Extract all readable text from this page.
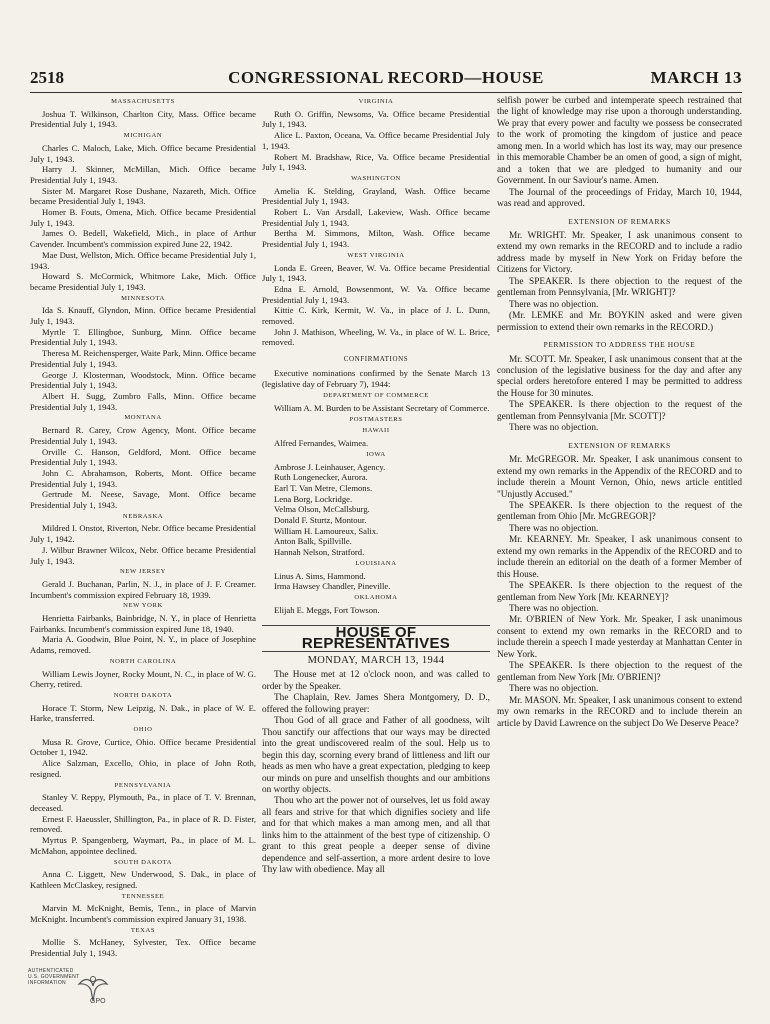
2518	CONGRESSIONAL RECORD—HOUSE	MARCH 13
MASSACHUSETTS

Joshua T. Wilkinson, Charlton City, Mass. Office became Presidential July 1, 1943.

MICHIGAN

Charles C. Maloch, Lake, Mich. Office became Presidential July 1, 1943.

Harry J. Skinner, McMillan, Mich. Office became Presidential July 1, 1943.

Sister M. Margaret Rose Dushane, Nazareth, Mich. Office became Presidential July 1, 1943.

Homer B. Fouts, Omena, Mich. Office became Presidential July 1, 1943.

James O. Bedell, Wakefield, Mich., in place of Arthur Cavender. Incumbent's commission expired June 22, 1942.

Mae Dust, Wellston, Mich. Office became Presidential July 1, 1943.

Howard S. McCormick, Whitmore Lake, Mich. Office became Presidential July 1, 1943.

MINNESOTA

Ida S. Knauff, Glyndon, Minn. Office became Presidential July 1, 1943.

Myrtle T. Ellingboe, Sunburg, Minn. Office became Presidential July 1, 1943.

Theresa M. Reichensperger, Waite Park, Minn. Office became Presidential July 1, 1943.

George J. Klosterman, Woodstock, Minn. Office became Presidential July 1, 1943.

Albert H. Sugg, Zumbro Falls, Minn. Office became Presidential July 1, 1943.

MONTANA

Bernard R. Carey, Crow Agency, Mont. Office became Presidential July 1, 1943.

Orville C. Hanson, Geldford, Mont. Office became Presidential July 1, 1943.

John C. Abrahamson, Roberts, Mont. Office became Presidential July 1, 1943.

Gertrude M. Neese, Savage, Mont. Office became Presidential July 1, 1943.

NEBRASKA

Mildred I. Onstot, Riverton, Nebr. Office became Presidential July 1, 1942.

J. Wilbur Brawner Wilcox, Nebr. Office became Presidential July 1, 1943.

NEW JERSEY

Gerald J. Buchanan, Parlin, N. J., in place of J. F. Creamer. Incumbent's commission expired February 18, 1939.

NEW YORK

Henrietta Fairbanks, Bainbridge, N. Y., in place of Henrietta Fairbanks. Incumbent's commission expired June 18, 1940.

Maria A. Goodwin, Blue Point, N. Y., in place of Josephine Adams, removed.

NORTH CAROLINA

William Lewis Joyner, Rocky Mount, N. C., in place of W. G. Cherry, retired.

NORTH DAKOTA

Horace T. Storm, New Leipzig, N. Dak., in place of W. E. Harke, transferred.

OHIO

Musa R. Grove, Curtice, Ohio. Office became Presidential October 1, 1942.

Alice Salzman, Excello, Ohio, in place of John Roth, resigned.

PENNSYLVANIA

Stanley V. Reppy, Plymouth, Pa., in place of T. V. Brennan, deceased.

Ernest F. Haeussler, Shillington, Pa., in place of R. D. Fister, removed.

Myrtus P. Spangenberg, Waymart, Pa., in place of M. L. McMahon, appointee declined.

SOUTH DAKOTA

Anna C. Liggett, New Underwood, S. Dak., in place of Kathleen McClaskey, resigned.

TENNESSEE

Marvin M. McKnight, Bemis, Tenn., in place of Marvin McKnight. Incumbent's commission expired January 31, 1938.

TEXAS

Mollie S. McHaney, Sylvester, Tex. Office became Presidential July 1, 1943.

VIRGINIA

Ruth O. Griffin, Newsoms, Va. Office became Presidential July 1, 1943.

Alice L. Paxton, Oceana, Va. Office became Presidential July 1, 1943.

Robert M. Bradshaw, Rice, Va. Office became Presidential July 1, 1943.

WASHINGTON

Amelia K. Stelding, Grayland, Wash. Office became Presidential July 1, 1943.

Robert L. Van Arsdall, Lakeview, Wash. Office became Presidential July 1, 1943.

Bertha M. Simmons, Milton, Wash. Office became Presidential July 1, 1943.

WEST VIRGINIA

Londa E. Green, Beaver, W. Va. Office became Presidential July 1, 1943.

Edna E. Arnold, Bowsenmont, W. Va. Office became Presidential July 1, 1943.

Kittie C. Kirk, Kermit, W. Va., in place of J. L. Dunn, removed.

John J. Mathison, Wheeling, W. Va., in place of W. L. Brice, removed.

CONFIRMATIONS

Executive nominations confirmed by the Senate March 13 (legislative day of February 7), 1944:

DEPARTMENT OF COMMERCE

William A. M. Burden to be Assistant Secretary of Commerce.

POSTMASTERS
HAWAII

Alfred Fernandes, Waimea.

IOWA

Ambrose J. Leinhauser, Agency.

Ruth Longenecker, Aurora.

Earl T. Van Metre, Clemons.

Lena Borg, Lockridge.

Velma Olson, McCallsburg.

Donald F. Sturtz, Montour.

William H. Lamoureux, Salix.

Anton Balk, Spillville.

Hannah Nelson, Stratford.

LOUISIANA

Linus A. Sims, Hammond.

Irma Hawsey Chandler, Pineville.

OKLAHOMA

Elijah E. Meggs, Fort Towson.

HOUSE OF REPRESENTATIVES
MONDAY, MARCH 13, 1944

The House met at 12 o'clock noon, and was called to order by the Speaker.

The Chaplain, Rev. James Shera Montgomery, D. D., offered the following prayer:

Thou God of all grace and Father of all goodness, wilt Thou sanctify our affections that our ways may be directed into the great undiscovered realm of the soul. Help us to begin this day, scorning every brand of littleness and lift our heads as men who have a great expectation, pledging to keep our minds on pure and unselfish thoughts and our ambitions on worthy objects.

Thou who art the power not of ourselves, let us fold away all fears and strive for that which dignifies society and life and for that which makes a man among men, and all that links him to the attainment of the best type of citizenship. O grant to this great people a deeper sense of divine dependence and self-assertion, a more ardent desire to love Thy law with obedience. May all

selfish power be curbed and intemperate speech restrained that the light of knowledge may rise upon a thorough understanding. We pray that every power and faculty we possess be consecrated to the work of promoting the kingdom of justice and peace among men. In a world which has lost its way, may our presence in this memorable Chamber be an omen of good, a sign of might, and a token that we are pledged to humanity and our Government. In our Saviour's name. Amen.

The Journal of the proceedings of Friday, March 10, 1944, was read and approved.

EXTENSION OF REMARKS

Mr. WRIGHT. Mr. Speaker, I ask unanimous consent to extend my own remarks in the RECORD and to include a radio address made by myself in New York on Friday before the Citizens for Victory.

The SPEAKER. Is there objection to the request of the gentleman from Pennsylvania, [Mr. WRIGHT]?

There was no objection.

(Mr. LEMKE and Mr. BOYKIN asked and were given permission to extend their own remarks in the RECORD.)

PERMISSION TO ADDRESS THE HOUSE

Mr. SCOTT. Mr. Speaker, I ask unanimous consent that at the conclusion of the legislative business for the day and after any special orders heretofore entered I may be permitted to address the House for 30 minutes.

The SPEAKER. Is there objection to the request of the gentleman from Pennsylvania [Mr. SCOTT]?

There was no objection.

EXTENSION OF REMARKS

Mr. McGREGOR. Mr. Speaker, I ask unanimous consent to extend my own remarks in the Appendix of the RECORD and to include therein a Mount Vernon, Ohio, news article entitled "Unjustly Accused."

The SPEAKER. Is there objection to the request of the gentleman from Ohio [Mr. McGREGOR]?

There was no objection.

Mr. KEARNEY. Mr. Speaker, I ask unanimous consent to extend my own remarks in the Appendix of the RECORD and to include therein an editorial on the death of a former Member of this House.

The SPEAKER. Is there objection to the request of the gentleman from New York [Mr. KEARNEY]?

There was no objection.

Mr. O'BRIEN of New York. Mr. Speaker, I ask unanimous consent to extend my own remarks in the RECORD and to include therein a speech I made yesterday at Manhattan Center in New York.

The SPEAKER. Is there objection to the request of the gentleman from New York [Mr. O'BRIEN]?

There was no objection.

Mr. MASON. Mr. Speaker, I ask unanimous consent to extend my own remarks in the RECORD and to include therein an article by David Lawrence on the subject Do We Deserve Peace?

AUTHENTICATED
U.S. GOVERNMENT
INFORMATION
GPO
